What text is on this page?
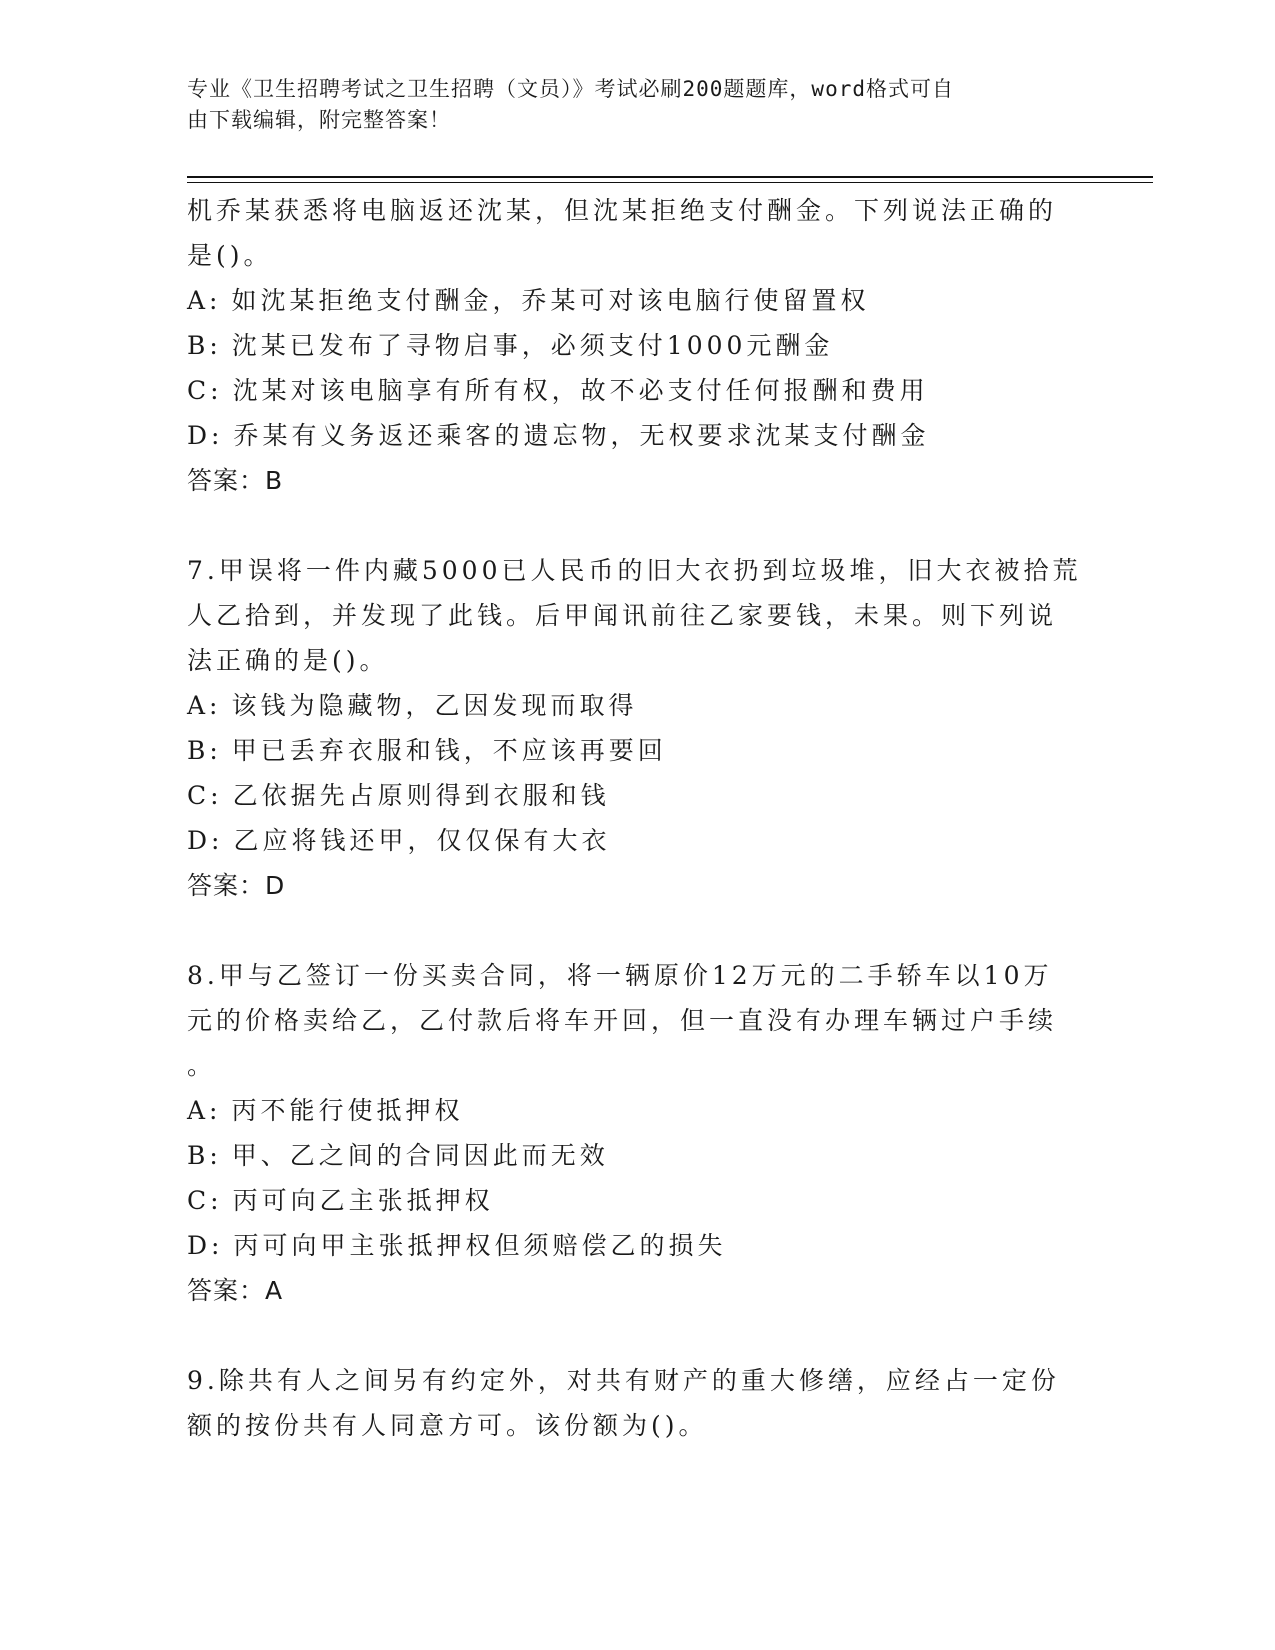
专业《卫生招聘考试之卫生招聘（文员）》考试必刷200题题库，word格式可自
由下载编辑，附完整答案！
机乔某获悉将电脑返还沈某，但沈某拒绝支付酬金。下列说法正确的
是()。
A: 如沈某拒绝支付酬金，乔某可对该电脑行使留置权
B: 沈某已发布了寻物启事，必须支付1000元酬金
C: 沈某对该电脑享有所有权，故不必支付任何报酬和费用
D: 乔某有义务返还乘客的遗忘物，无权要求沈某支付酬金
答案：B
7.甲误将一件内藏5000已人民币的旧大衣扔到垃圾堆，旧大衣被拾荒
人乙拾到，并发现了此钱。后甲闻讯前往乙家要钱，未果。则下列说
法正确的是()。
A: 该钱为隐藏物，乙因发现而取得
B: 甲已丢弃衣服和钱，不应该再要回
C: 乙依据先占原则得到衣服和钱
D: 乙应将钱还甲，仅仅保有大衣
答案：D
8.甲与乙签订一份买卖合同，将一辆原价12万元的二手轿车以10万
元的价格卖给乙，乙付款后将车开回，但一直没有办理车辆过户手续
。
A: 丙不能行使抵押权
B: 甲、乙之间的合同因此而无效
C: 丙可向乙主张抵押权
D: 丙可向甲主张抵押权但须赔偿乙的损失
答案：A
9.除共有人之间另有约定外，对共有财产的重大修缮，应经占一定份
额的按份共有人同意方可。该份额为()。
